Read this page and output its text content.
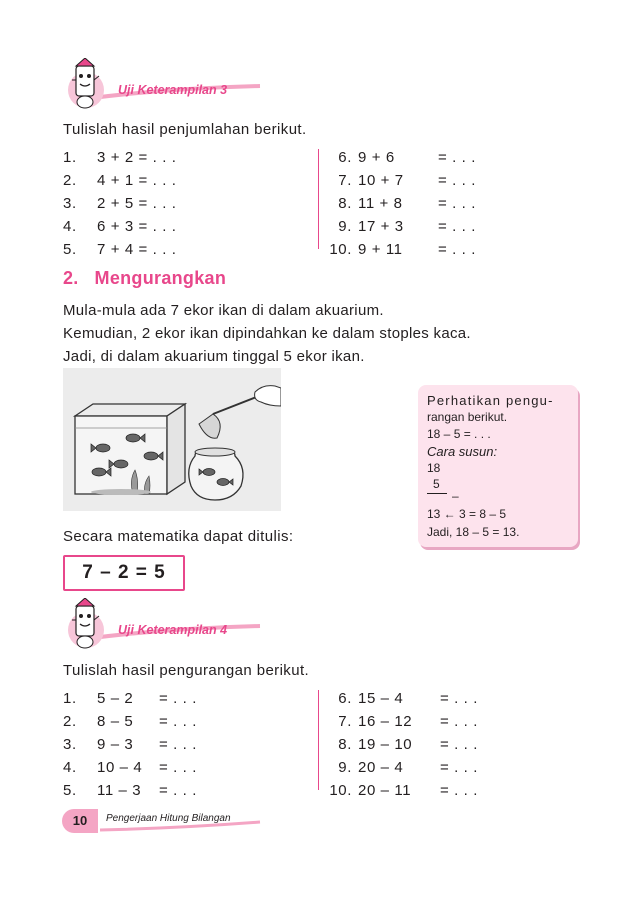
Uji Keterampilan 3
Tulislah hasil penjumlahan berikut.
1. 3 + 2 = . . .
2. 4 + 1 = . . .
3. 2 + 5 = . . .
4. 6 + 3 = . . .
5. 7 + 4 = . . .
6. 9 + 6	= . . .
7. 10 + 7 = . . .
8. 11 + 8 = . . .
9. 17 + 3 = . . .
10. 9 + 11 = . . .
2. Mengurangkan
Mula-mula ada 7 ekor ikan di dalam akuarium.
Kemudian, 2 ekor ikan dipindahkan ke dalam stoples kaca.
Jadi, di dalam akuarium tinggal 5 ekor ikan.
Perhatikan pengu-
rangan berikut.
18 – 5 = . . .
Cara susun:
18
5
–
13 ← 3 = 8 – 5
Jadi, 18 – 5 = 13.
Secara matematika dapat ditulis:
7 – 2 = 5
Uji Keterampilan 4
Tulislah hasil pengurangan berikut.
1. 5 – 2 = . . .
2. 8 – 5 = . . .
3. 9 – 3 = . . .
4. 10 – 4 = . . .
5. 11 – 3 = . . .
6. 15 – 4 = . . .
7. 16 – 12 = . . .
8. 19 – 10 = . . .
9. 20 – 4 = . . .
10. 20 – 11 = . . .
10	Pengerjaan Hitung Bilangan
